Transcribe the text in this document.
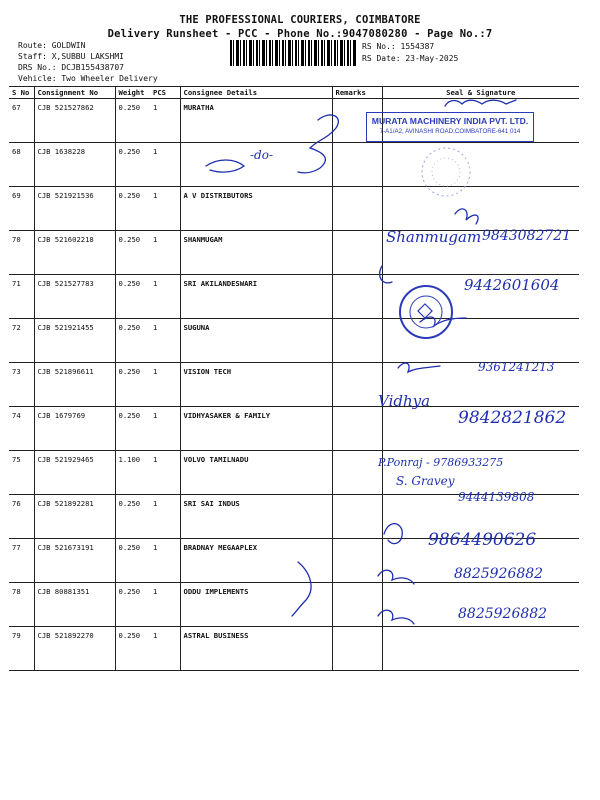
THE PROFESSIONAL COURIERS, COIMBATORE
Delivery Runsheet - PCC - Phone No.:9047080280 - Page No.:7
Route: GOLDWIN
Staff: X,SUBBU LAKSHMI
DRS No.: DCJB155438707
Vehicle: Two Wheeler Delivery
RS No.: 1554387
RS Date: 23-May-2025
S No	Consignment No	Weight	PCS	Consignee Details	Remarks	Seal & Signature
67	CJB 521527862	0.250	1	MURATHA		
68	CJB 1638228	0.250	1			
69	CJB 521921536	0.250	1	A V DISTRIBUTORS		
70	CJB 521602218	0.250	1	SHANMUGAM		
71	CJB 521527783	0.250	1	SRI AKILANDESWARI		
72	CJB 521921455	0.250	1	SUGUNA		
73	CJB 521896611	0.250	1	VISION TECH		
74	CJB 1679769	0.250	1	VIDHYASAKER & FAMILY		
75	CJB 521929465	1.100	1	VOLVO TAMILNADU		
76	CJB 521892281	0.250	1	SRI SAI INDUS		
77	CJB 521673191	0.250	1	BRADNAY MEGAAPLEX		
78	CJB 80881351	0.250	1	ODDU IMPLEMENTS		
79	CJB 521892270	0.250	1	ASTRAL BUSINESS		
MURATA MACHINERY INDIA PVT. LTD.
7-A1/A2, AVINASHI ROAD,COIMBATORE-641 014
-do-
Shanmugam 9843082721
9442601604
9361241213
Vidhya
9842821862
P.Ponraj - 9786933275
S. Gravey
9444139808
9864490626
8825926882
8825926882
